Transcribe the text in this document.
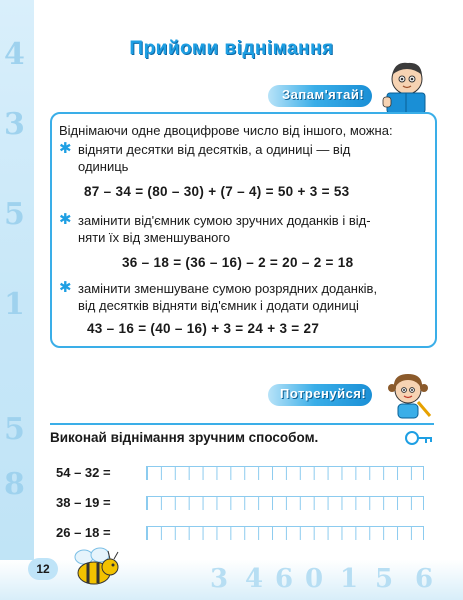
4
3
5
1
5
8
3 4 6 0 1 5 6
Прийоми віднімання
Запам'ятай!
Віднімаючи одне двоцифрове число від іншого, можна:
✱ відняти десятки від десятків, а одиниці — від
одиниць
87 – 34 = (80 – 30) + (7 – 4) = 50 + 3 = 53
✱ замінити від'ємник сумою зручних доданків і від-
няти їх від зменшуваного
36 – 18 = (36 – 16) – 2 = 20 – 2 = 18
✱ замінити зменшуване сумою розрядних доданків,
від десятків відняти від'ємник і додати одиниці
43 – 16 = (40 – 16) + 3 = 24 + 3 = 27
Потренуйся!
Виконай віднімання зручним способом.
54 – 32 =
38 – 19 =
26 – 18 =
12
